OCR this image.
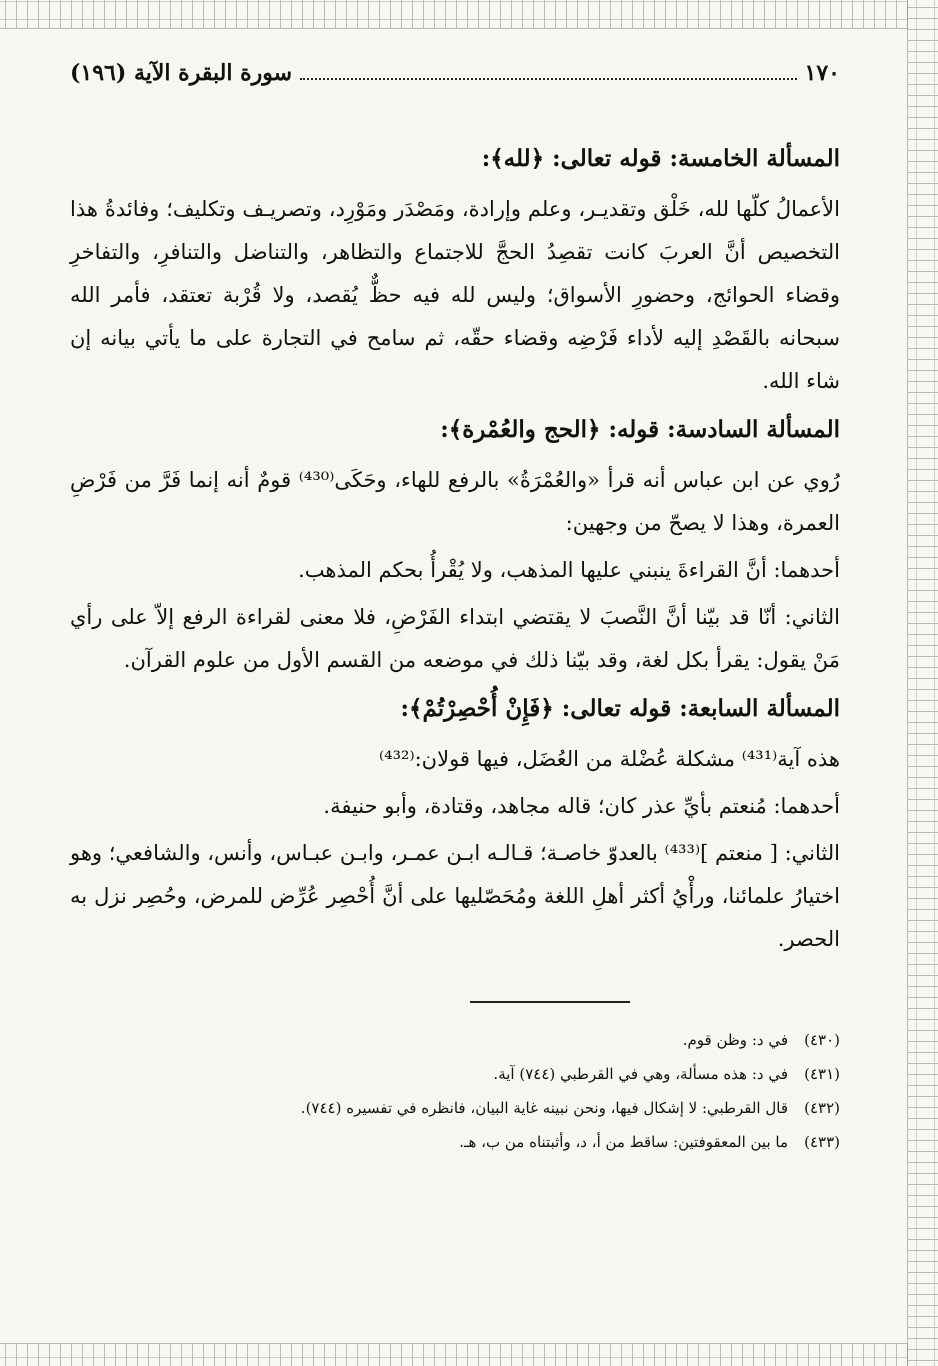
١٧٠
سورة البقرة الآية (١٩٦)
المسألة الخامسة: قوله تعالى: ﴿لله﴾:

الأعمالُ كلّها لله، خَلْق وتقديـر، وعلم وإرادة، ومَصْدَر ومَوْرِد، وتصريـف وتكليف؛ وفائدةُ هذا التخصيص أنَّ العربَ كانت تقصِدُ الحجَّ للاجتماع والتظاهر، والتناضل والتنافرِ، والتفاخرِ وقضاء الحوائج، وحضورِ الأسواق؛ وليس لله فيه حظٌّ يُقصد، ولا قُرْبة تعتقد، فأمر الله سبحانه بالقَصْدِ إليه لأداء فَرْضِه وقضاء حقّه، ثم سامح في التجارة على ما يأتي بيانه إن شاء الله.

المسألة السادسة: قوله: ﴿الحج والعُمْرة﴾:

رُوي عن ابن عباس أنه قرأ «والعُمْرَةُ» بالرفع للهاء، وحَكَى⁽⁴³⁰⁾ قومٌ أنه إنما فَرَّ من فَرْضِ العمرة، وهذا لا يصحّ من وجهين:

أحدهما: أنَّ القراءةَ ينبني عليها المذهب، ولا يُقْرأُ بحكم المذهب.

الثاني: أنّا قد بيّنا أنَّ النَّصبَ لا يقتضي ابتداء الفَرْضِ، فلا معنى لقراءة الرفع إلاّ على رأي مَنْ يقول: يقرأ بكل لغة، وقد بيّنا ذلك في موضعه من القسم الأول من علوم القرآن.

المسألة السابعة: قوله تعالى: ﴿فَإِنْ أُحْصِرْتُمْ﴾:

هذه آية⁽⁴³¹⁾ مشكلة عُضْلة من العُضَل، فيها قولان:⁽⁴³²⁾

أحدهما: مُنعتم بأيِّ عذر كان؛ قاله مجاهد، وقتادة، وأبو حنيفة.

الثاني: [ منعتم ]⁽⁴³³⁾ بالعدوّ خاصـة؛ قـالـه ابـن عمـر، وابـن عبـاس، وأنس، والشافعي؛ وهو اختيارُ علمائنا، ورأْيُ أكثر أهلِ اللغة ومُحَصّليها على أنَّ أُحْصِر عُرِّض للمرض، وحُصِر نزل به الحصر.

(٤٣٠)في د: وظن قوم.

(٤٣١)في د: هذه مسألة، وهي في القرطبي (٧٤٤) آية.

(٤٣٢)قال القرطبي: لا إشكال فيها، ونحن نبينه غاية البيان، فانظره في تفسيره (٧٤٤).

(٤٣٣)ما بين المعقوفتين: ساقط من أ، د، وأثبتناه من ب، هـ.
